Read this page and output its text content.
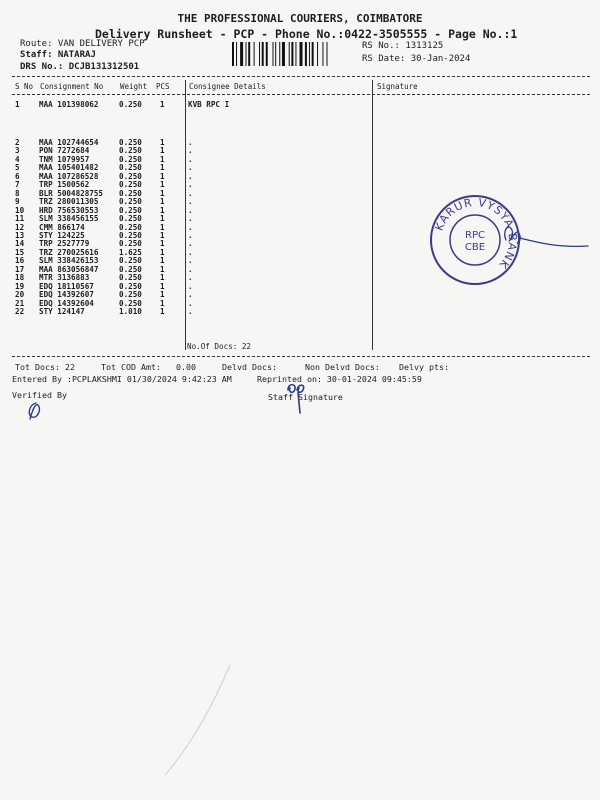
THE PROFESSIONAL COURIERS, COIMBATORE
Delivery Runsheet - PCP - Phone No.:0422-3505555 - Page No.:1
Route: VAN DELIVERY PCP
Staff: NATARAJ
DRS No.: DCJB131312501
RS No.: 1313125
RS Date: 30-Jan-2024
S No Consignment No Weight PCS	Consignee Details	Signature
1	MAA 101398062	0.250 1	KVB RPC I
2	MAA 102744654	0.250 1	.
3	PON 7272684	0.250 1	.
4	TNM 1079957	0.250 1	.
5	MAA 105401482	0.250 1	.
6	MAA 107286528	0.250 1	.
7	TRP 1500562	0.250 1	.
8	BLR 5004828755 0.250 1	.
9	TRZ 280011305	0.250 1	.
10 HRD 756530553	0.250 1	.
11 SLM 338456155	0.250 1	.
12 CMM 866174	0.250 1	.
13 STY 124225	0.250 1	.
14 TRP 2527779	0.250 1	.
15 TRZ 270025616	1.625 1	.
16 SLM 338426153	0.250 1	.
17 MAA 863056847	0.250 1	.
18 MTR 3136883	0.250 1	.
19 EDQ 18110567	0.250 1	.
20 EDQ 14392607	0.250 1	.
21 EDQ 14392604	0.250 1	.
22 STY 124147	1.010 1	.
No.Of Docs: 22
Tot Docs: 22	Tot COD Amt: 0.00	Delvd Docs:	Non Delvd Docs: Delvy pts:
Entered By :PCPLAKSHMI 01/30/2024 9:42:23 AM	Reprinted on: 30-01-2024 09:45:59
Verified By	Staff Signature
KARUR VYSYA BANK
RPC
CBE
